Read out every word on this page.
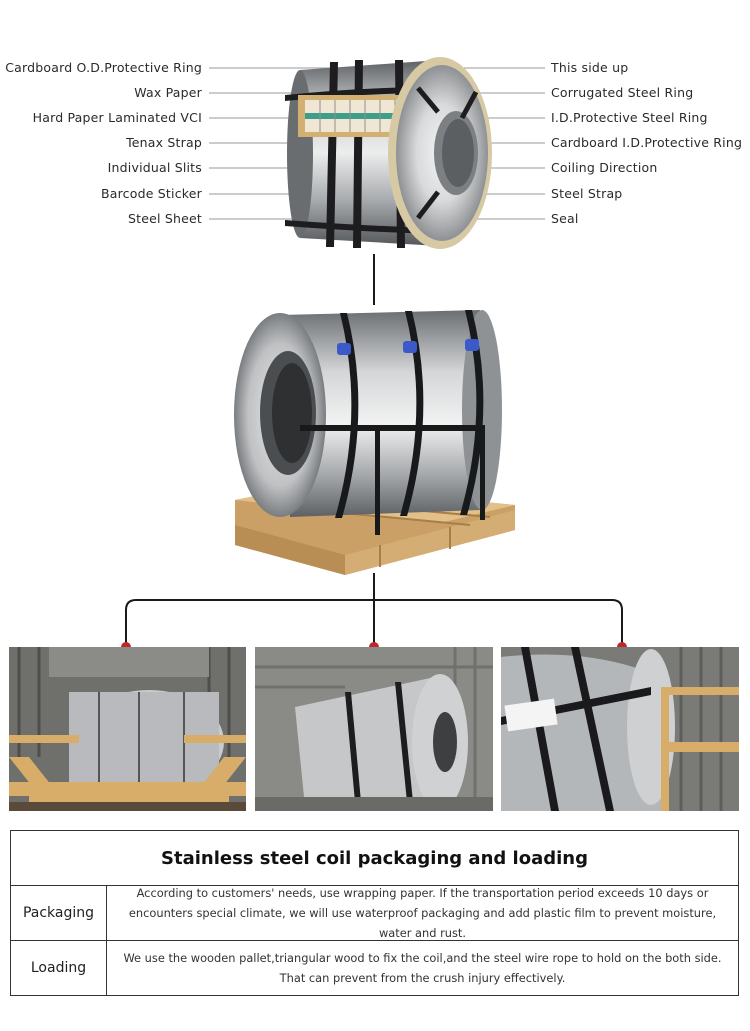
Cardboard O.D.Protective Ring
Wax Paper
Hard Paper Laminated VCI
Tenax Strap
Individual Slits
Barcode Sticker
Steel Sheet
This side up
Corrugated Steel Ring
I.D.Protective Steel Ring
Cardboard I.D.Protective Ring
Coiling Direction
Steel Strap
Seal
Stainless steel coil packaging and loading
Packaging
According to customers' needs, use wrapping paper. If the transportation period exceeds 10 days or encounters special climate, we will use waterproof packaging and add plastic film to prevent moisture, water and rust.
Loading
We use the wooden pallet,triangular wood to fix the coil,and the steel wire rope to hold on the both side. That can prevent from the crush injury effectively.
